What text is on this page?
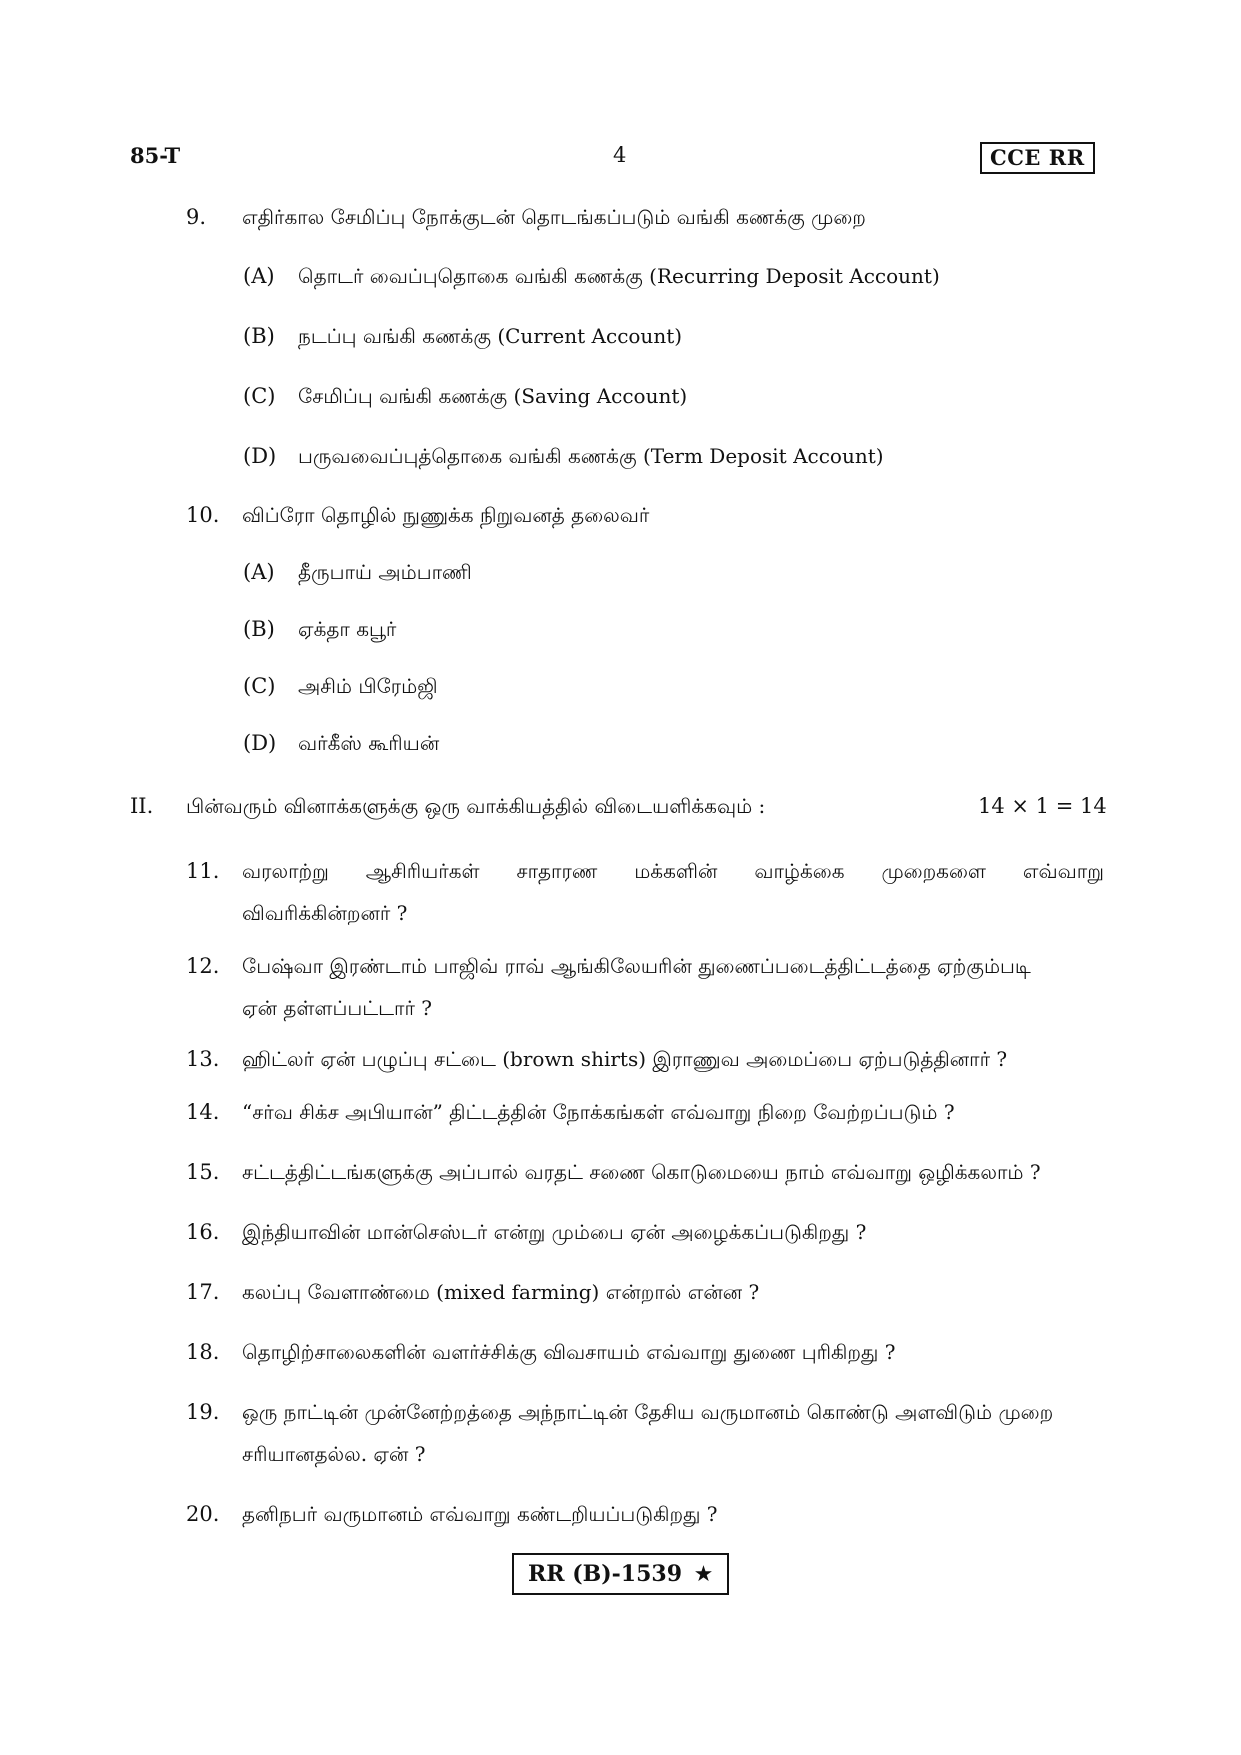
85-T	4	CCE RR
9. எதிர்கால சேமிப்பு நோக்குடன் தொடங்கப்படும் வங்கி கணக்கு முறை
(A) தொடர் வைப்புதொகை வங்கி கணக்கு (Recurring Deposit Account)
(B) நடப்பு வங்கி கணக்கு (Current Account)
(C) சேமிப்பு வங்கி கணக்கு (Saving Account)
(D) பருவவைப்புத்தொகை வங்கி கணக்கு (Term Deposit Account)
10. விப்ரோ தொழில் நுணுக்க நிறுவனத் தலைவர்
(A) தீருபாய் அம்பாணி
(B) ஏக்தா கபூர்
(C) அசிம் பிரேம்ஜி
(D) வர்கீஸ் கூரியன்
II. பின்வரும் வினாக்களுக்கு ஒரு வாக்கியத்தில் விடையளிக்கவும் :	14 × 1 = 14
11. வரலாற்று ஆசிரியர்கள் சாதாரண மக்களின் வாழ்க்கை முறைகளை எவ்வாறு
விவரிக்கின்றனர் ?
12. பேஷ்வா இரண்டாம் பாஜிவ் ராவ் ஆங்கிலேயரின் துணைப்படைத்திட்டத்தை ஏற்கும்படி
ஏன் தள்ளப்பட்டார் ?
13. ஹிட்லர் ஏன் பழுப்பு சட்டை (brown shirts) இராணுவ அமைப்பை ஏற்படுத்தினார் ?
14. “சர்வ சிக்ச அபியான்” திட்டத்தின் நோக்கங்கள் எவ்வாறு நிறை வேற்றப்படும் ?
15. சட்டத்திட்டங்களுக்கு அப்பால் வரதட் சணை கொடுமையை நாம் எவ்வாறு ஒழிக்கலாம் ?
16. இந்தியாவின் மான்செஸ்டர் என்று மும்பை ஏன் அழைக்கப்படுகிறது ?
17. கலப்பு வேளாண்மை (mixed farming) என்றால் என்ன ?
18. தொழிற்சாலைகளின் வளர்ச்சிக்கு விவசாயம் எவ்வாறு துணை புரிகிறது ?
19. ஒரு நாட்டின் முன்னேற்றத்தை அந்நாட்டின் தேசிய வருமானம் கொண்டு அளவிடும் முறை
சரியானதல்ல. ஏன் ?
20. தனிநபர் வருமானம் எவ்வாறு கண்டறியப்படுகிறது ?
RR (B)-1539 ★
